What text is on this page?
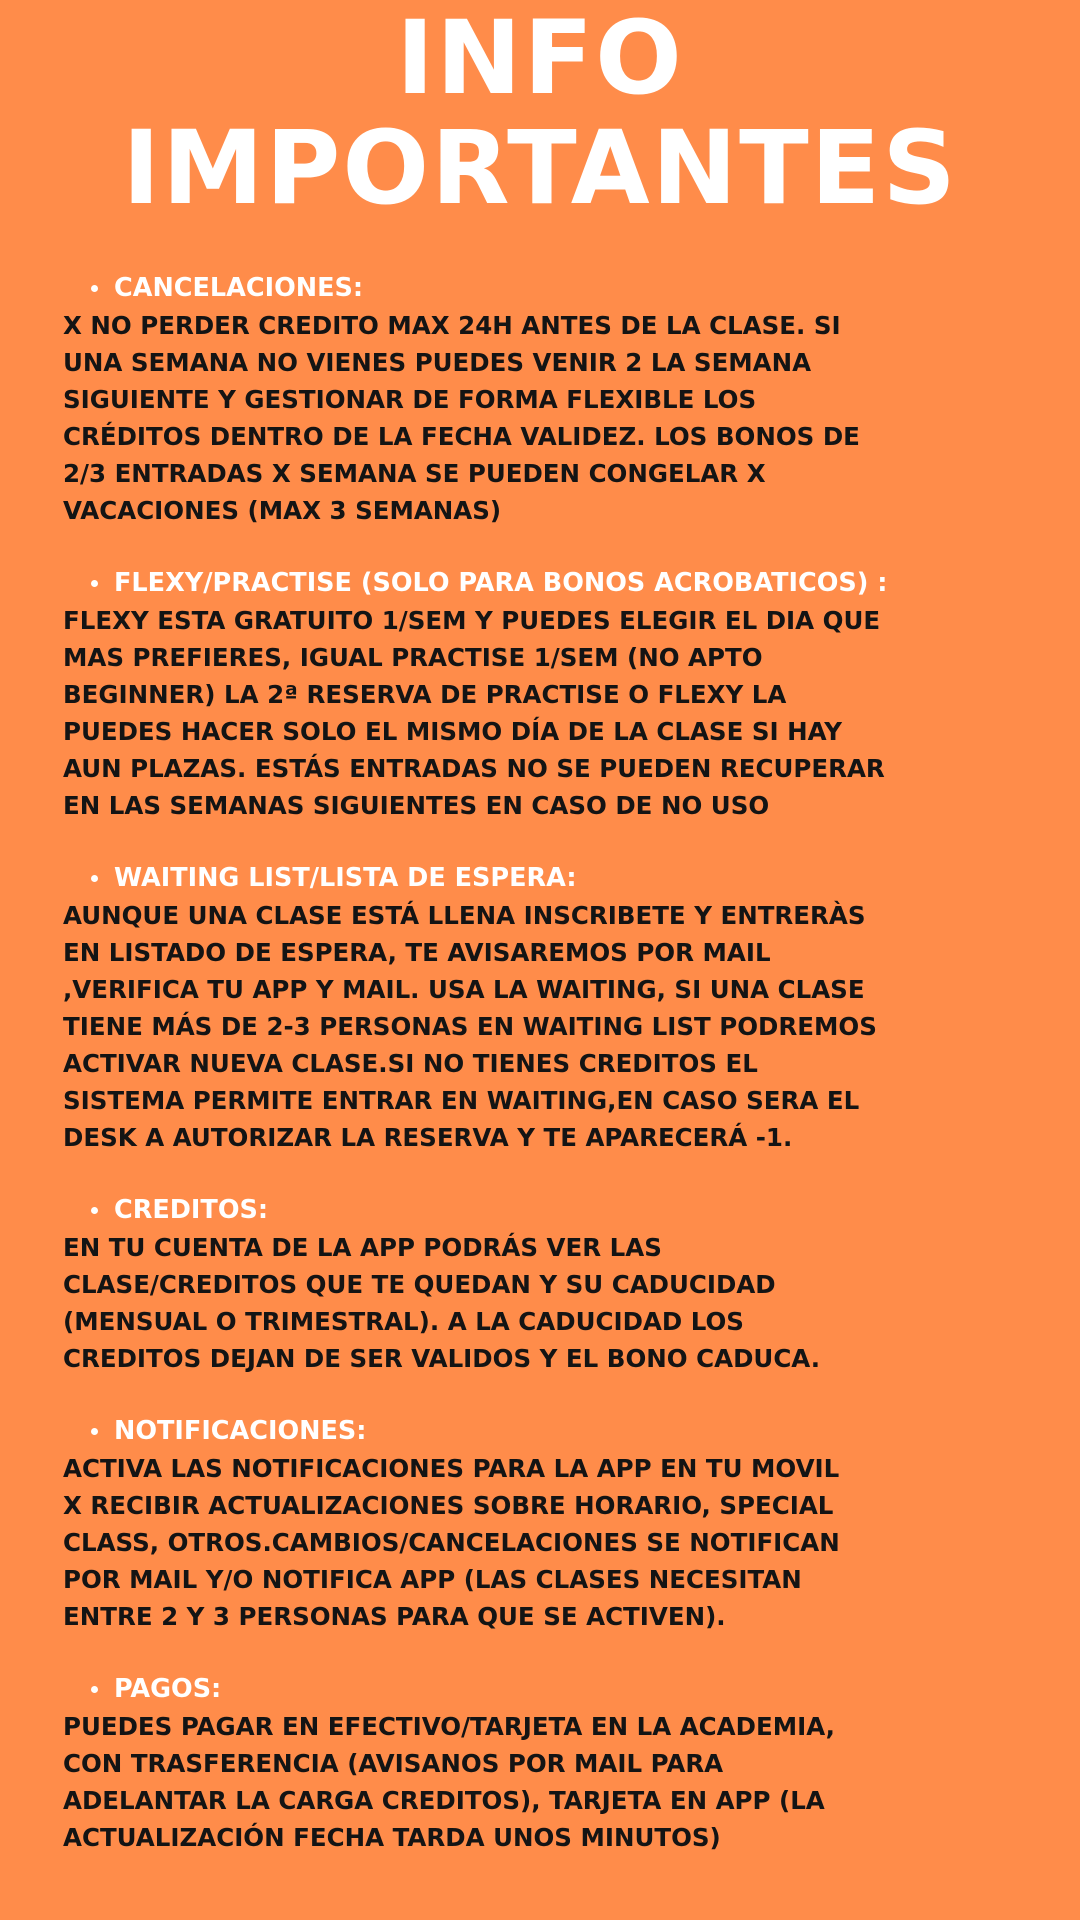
INFO
IMPORTANTES
CANCELACIONES:
X NO PERDER CREDITO MAX 24H ANTES DE LA CLASE. SI
UNA SEMANA NO VIENES PUEDES VENIR 2 LA SEMANA
SIGUIENTE Y GESTIONAR DE FORMA FLEXIBLE LOS
CRÉDITOS DENTRO DE LA FECHA VALIDEZ. LOS BONOS DE
2/3 ENTRADAS X SEMANA SE PUEDEN CONGELAR X
VACACIONES (MAX 3 SEMANAS)
FLEXY/PRACTISE (SOLO PARA BONOS ACROBATICOS) :
FLEXY ESTA GRATUITO 1/SEM Y PUEDES ELEGIR EL DIA QUE
MAS PREFIERES, IGUAL PRACTISE 1/SEM (NO APTO
BEGINNER) LA 2ª RESERVA DE PRACTISE O FLEXY LA
PUEDES HACER SOLO EL MISMO DÍA DE LA CLASE SI HAY
AUN PLAZAS. ESTÁS ENTRADAS NO SE PUEDEN RECUPERAR
EN LAS SEMANAS SIGUIENTES EN CASO DE NO USO
WAITING LIST/LISTA DE ESPERA:
AUNQUE UNA CLASE ESTÁ LLENA INSCRIBETE Y ENTRERÀS
EN LISTADO DE ESPERA, TE AVISAREMOS POR MAIL
,VERIFICA TU APP Y MAIL. USA LA WAITING, SI UNA CLASE
TIENE MÁS DE 2-3 PERSONAS EN WAITING LIST PODREMOS
ACTIVAR NUEVA CLASE.SI NO TIENES CREDITOS EL
SISTEMA PERMITE ENTRAR EN WAITING,EN CASO SERA EL
DESK A AUTORIZAR LA RESERVA Y TE APARECERÁ -1.
CREDITOS:
EN TU CUENTA DE LA APP PODRÁS VER LAS
CLASE/CREDITOS QUE TE QUEDAN Y SU CADUCIDAD
(MENSUAL O TRIMESTRAL). A LA CADUCIDAD LOS
CREDITOS DEJAN DE SER VALIDOS Y EL BONO CADUCA.
NOTIFICACIONES:
ACTIVA LAS NOTIFICACIONES PARA LA APP EN TU MOVIL
X RECIBIR ACTUALIZACIONES SOBRE HORARIO, SPECIAL
CLASS, OTROS.CAMBIOS/CANCELACIONES SE NOTIFICAN
POR MAIL Y/O NOTIFICA APP (LAS CLASES NECESITAN
ENTRE 2 Y 3 PERSONAS PARA QUE SE ACTIVEN).
PAGOS:
PUEDES PAGAR EN EFECTIVO/TARJETA EN LA ACADEMIA,
CON TRASFERENCIA (AVISANOS POR MAIL PARA
ADELANTAR LA CARGA CREDITOS), TARJETA EN APP (LA
ACTUALIZACIÓN FECHA TARDA UNOS MINUTOS)
